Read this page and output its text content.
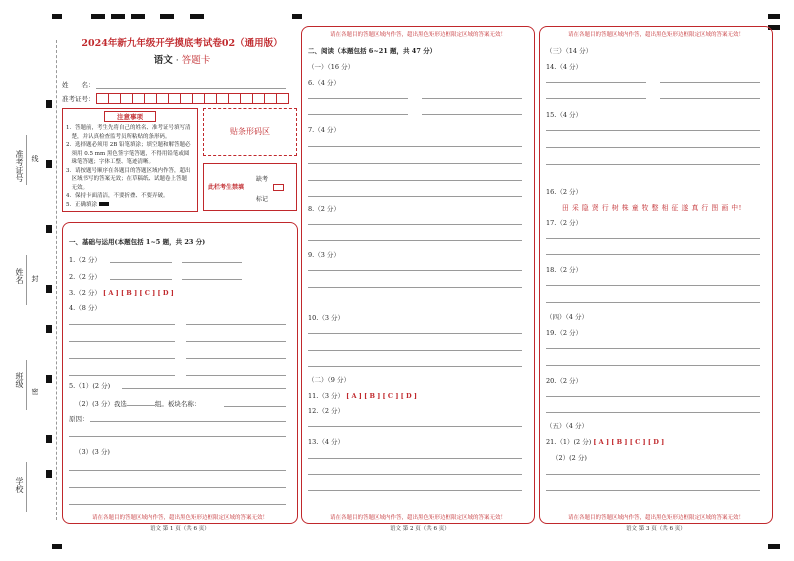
准考证号 线
姓名 封
班级
密
学校
2024年新九年级开学摸底考试卷02（通用版）
语文 · 答题卡
姓　　名：
准考证号：
注意事项
1．答题前，考生先将自己的姓名、准考证号填写清
　楚，并认真检查监考员所粘贴的条形码。
2．选择题必须用 2B 铅笔填涂；填空题和解答题必
　须用 0.5 mm 黑色签字笔答题，不得用铅笔或圆
　珠笔答题；字体工整、笔迹清晰。
3．请按题号顺序在各题目的答题区域内作答，超出
　区域书写的答案无效；在草稿纸、试题卷上答题
　无效。
4．保持卡面清洁，不要折叠、不要弄破。
5．正确填涂
贴条形码区
此栏考生禁填
缺考
标记
一、基础与运用(本题包括 1~5 题，共 23 分)
1.（2 分）
2.（2 分）
3.（2 分） [ A ] [ B ] [ C ] [ D ]
4.（8 分）
5.（1）(2 分)
（2）(3 分）我选	组。板块名称：
原因：
（3）(3 分)
请在各题目的答题区域内作答，超出黑色矩形边框限定区域的答案无效！
请在各题目的答题区域内作答，超出黑色矩形边框限定区域的答案无效！
二、阅读（本题包括 6~21 题，共 47 分）
（一）（16 分）
6.（4 分）
7.（4 分）
8.（2 分）
9.（3 分）
10.（3 分）
（二）（9 分）
11.（3 分） [ A ] [ B ] [ C ] [ D ]
12.（2 分）
13.（4 分）
请在各题目的答题区域内作答，超出黑色矩形边框限定区域的答案无效！
请在各题目的答题区域内作答，超出黑色矩形边框限定区域的答案无效！
（三）（14 分）
14.（4 分）
15.（4 分）
16.（2 分）
田 采 隐 贤 行 树 株 童 牧 整 相 征 遂 真 行 图 画 中!
17.（2 分）
18.（2 分）
（四）（4 分）
19.（2 分）
20.（2 分）
（五）（4 分）
21.（1）(2 分) [ A ] [ B ] [ C ] [ D ]
（2）(2 分)
请在各题目的答题区域内作答，超出黑色矩形边框限定区域的答案无效！
语文 第 1 页（共 6 页）	语文 第 2 页（共 6 页）	语文 第 3 页（共 6 页）
